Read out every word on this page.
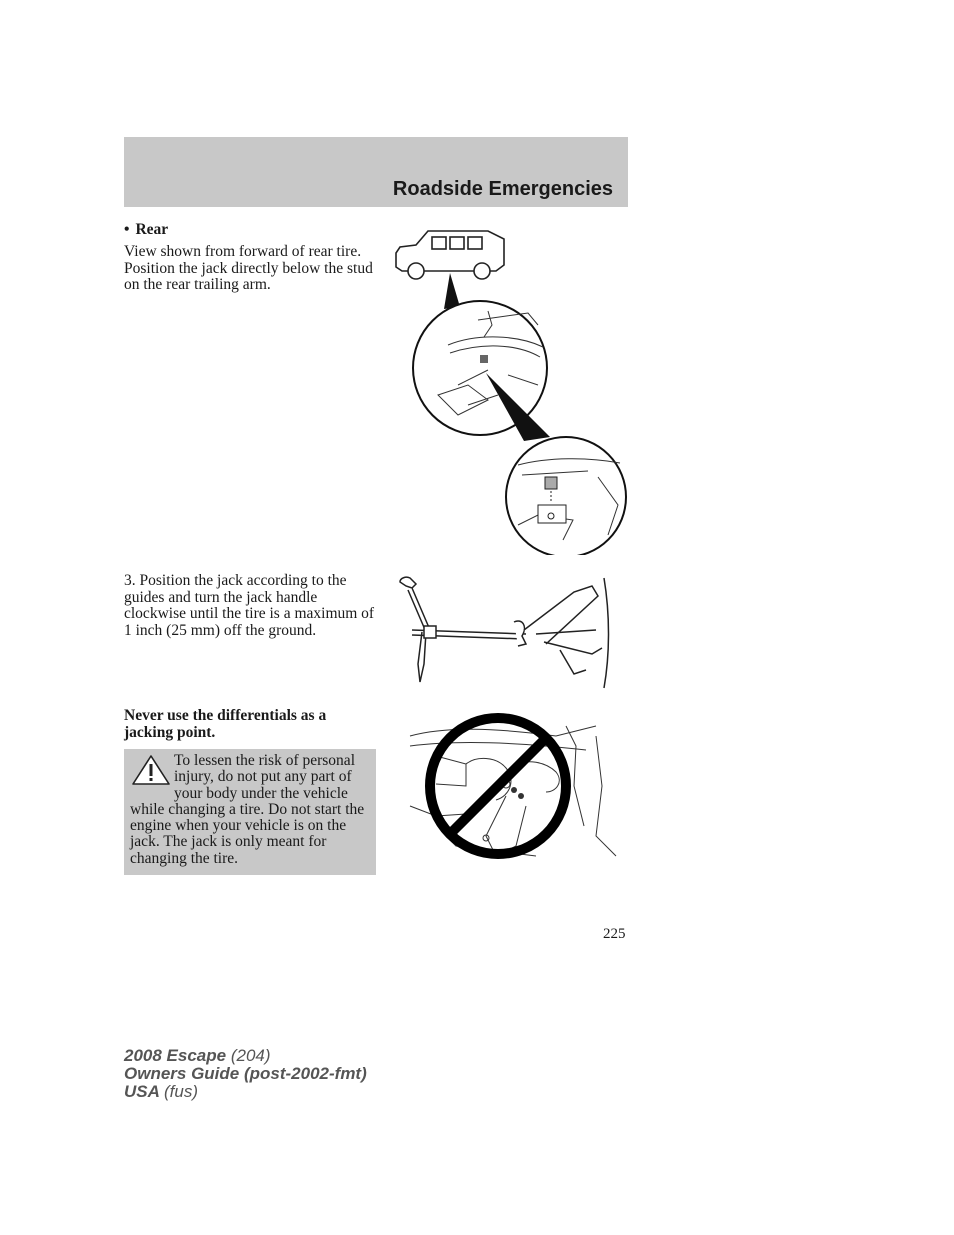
Roadside Emergencies
• Rear
View shown from forward of rear tire. Position the jack directly below the stud on the rear trailing arm.
3. Position the jack according to the guides and turn the jack handle clockwise until the tire is a maximum of 1 inch (25 mm) off the ground.
Never use the differentials as a jacking point.
To lessen the risk of personal injury, do not put any part of your body under the vehicle while changing a tire. Do not start the engine when your vehicle is on the jack. The jack is only meant for changing the tire.
225
2008 Escape (204)
Owners Guide (post-2002-fmt)
USA (fus)
